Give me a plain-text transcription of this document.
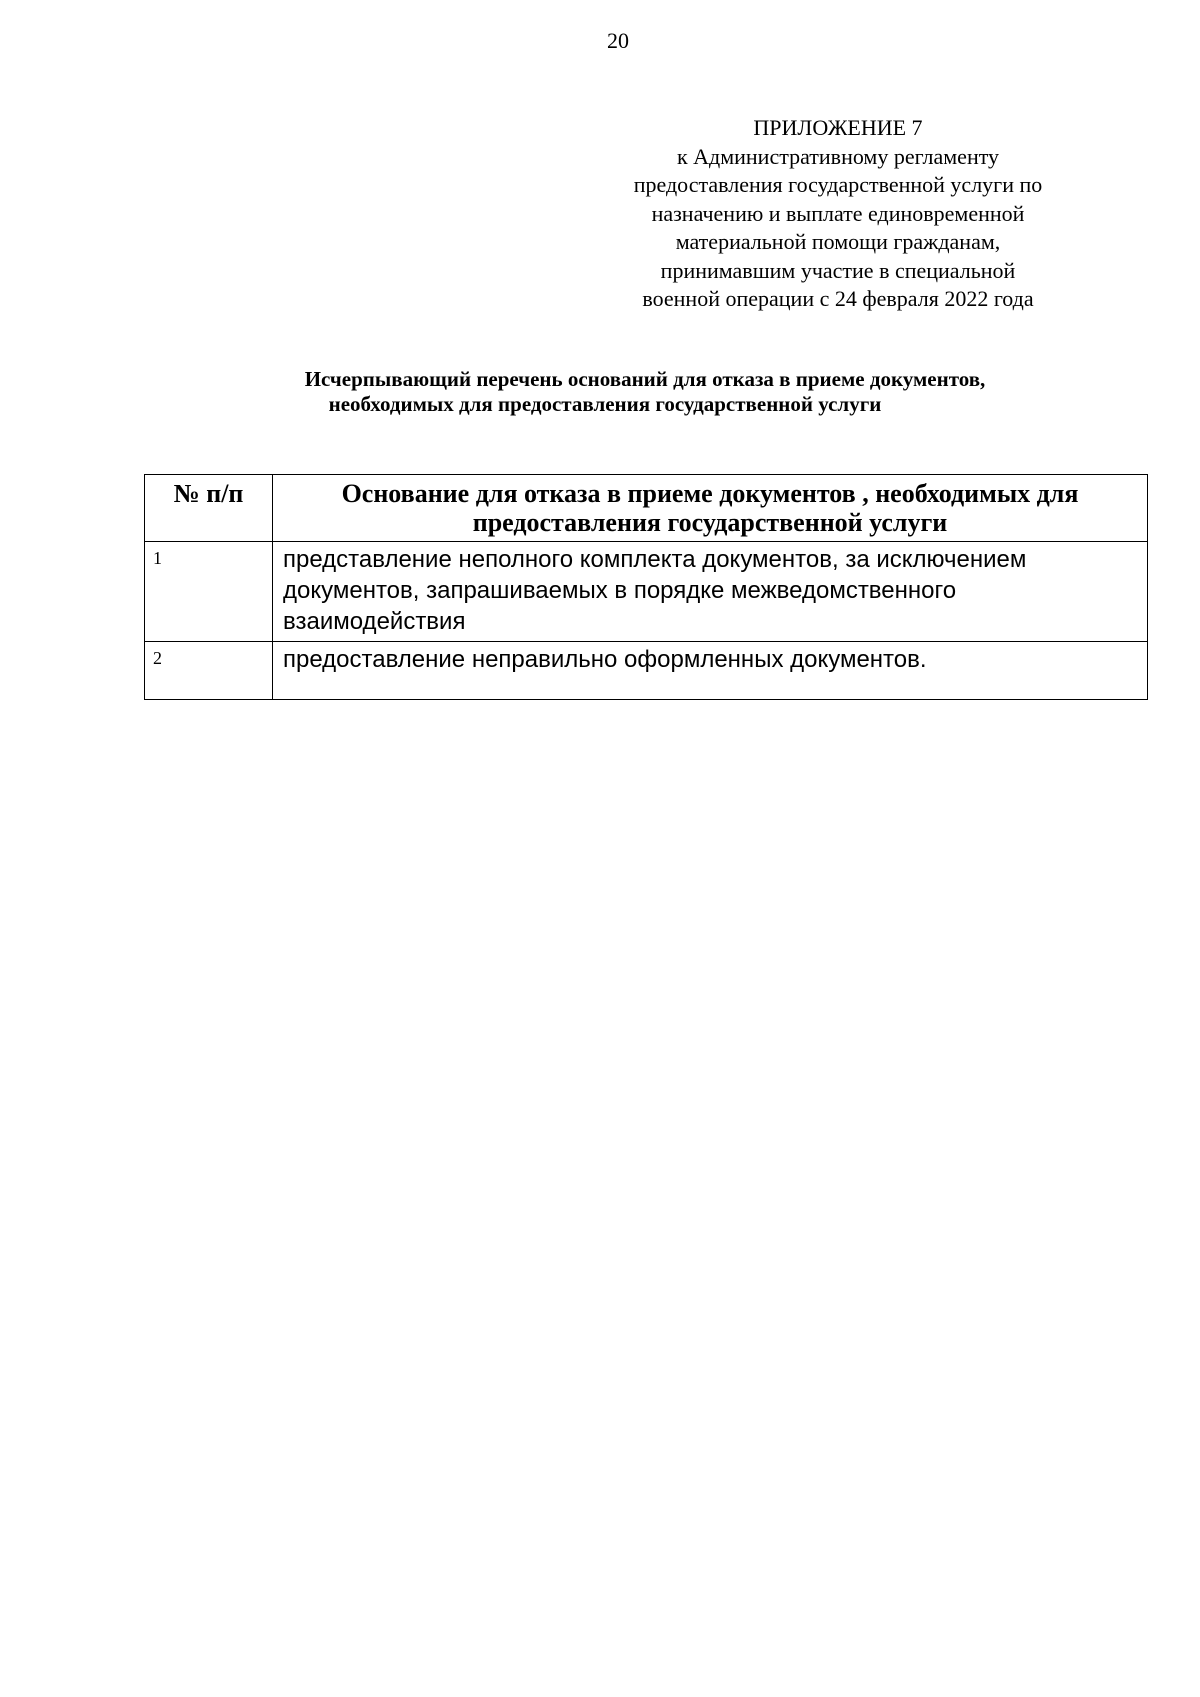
20
ПРИЛОЖЕНИЕ 7
к Административному регламенту
предоставления государственной услуги по
назначению и выплате единовременной
материальной помощи гражданам,
принимавшим участие в специальной
военной операции с 24 февраля 2022 года
Исчерпывающий перечень оснований для отказа в приеме документов,
необходимых для предоставления государственной услуги
№ п/п	Основание для отказа в приеме документов , необходимых для предоставления государственной услуги
1	представление неполного комплекта документов, за исключением документов, запрашиваемых в порядке межведомственного взаимодействия
2	предоставление неправильно оформленных документов.
